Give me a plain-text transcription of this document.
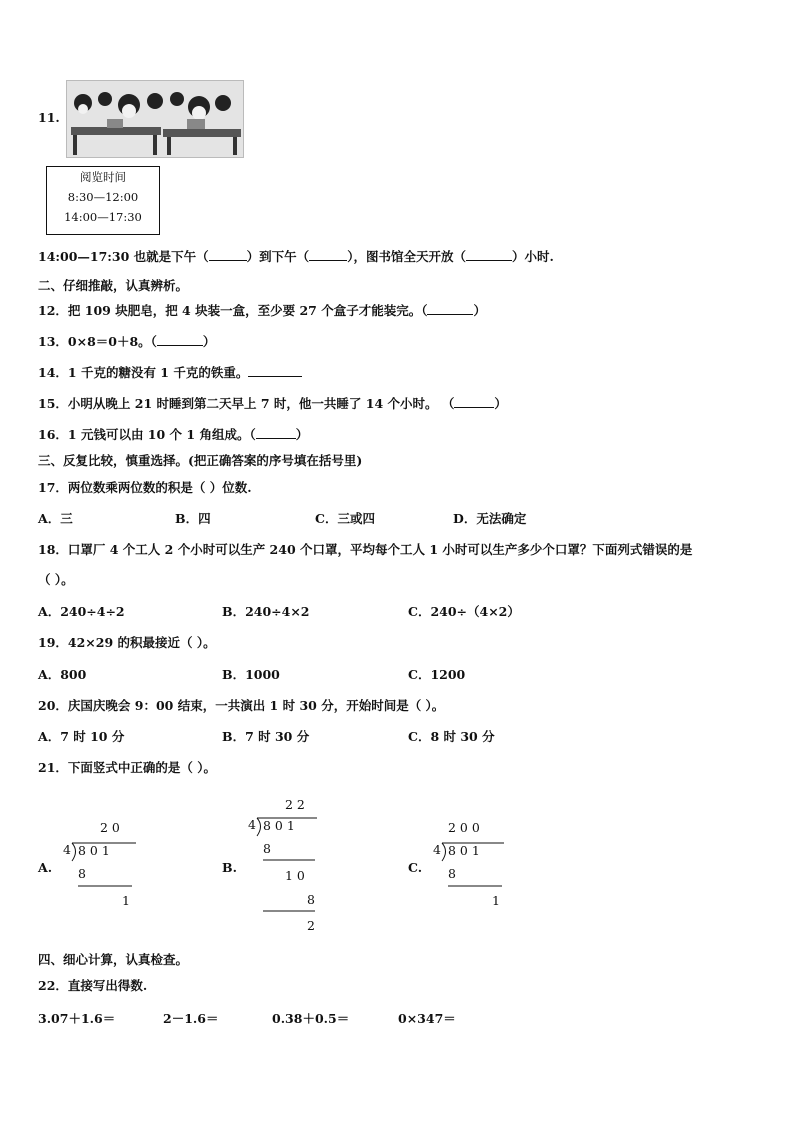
11.
阅览时间
8:30—12:00
14:00—17:30
14:00—17:30 也就是下午（	）到下午（	），图书馆全天开放（	）小时.
二、仔细推敲，认真辨析。
12．把 109 块肥皂，把 4 块装一盒，至少要 27 个盒子才能装完。（	）
13．0×8＝0＋8。（	）
14．1 千克的糖没有 1 千克的铁重。
15．小明从晚上 21 时睡到第二天早上 7 时，他一共睡了 14 个小时。 （	）
16．1 元钱可以由 10 个 1 角组成。（	）
三、反复比较，慎重选择。(把正确答案的序号填在括号里)
17．两位数乘两位数的积是（ ）位数.
A．三	B．四	C．三或四	D．无法确定
18．口罩厂 4 个工人 2 个小时可以生产 240 个口罩，平均每个工人 1 小时可以生产多少个口罩？下面列式错误的是
（ ）。
A．240÷4÷2	B．240÷4×2	C．240÷（4×2）
19．42×29 的积最接近（ ）。
A．800	B．1000	C．1200
20．庆国庆晚会 9：00 结束，一共演出 1 时 30 分，开始时间是（ ）。
A．7 时 10 分	B．7 时 30 分	C．8 时 30 分
21．下面竖式中正确的是（ ）。
A.	B.	C.
2 0
4 8 0 1
8
1
2 2
4 8 0 1
8
1 0
8
2
2 0 0
4 8 0 1
8
1
四、细心计算，认真检查。
22．直接写出得数.
3.07＋1.6＝	2－1.6＝	0.38＋0.5＝	0×347＝
